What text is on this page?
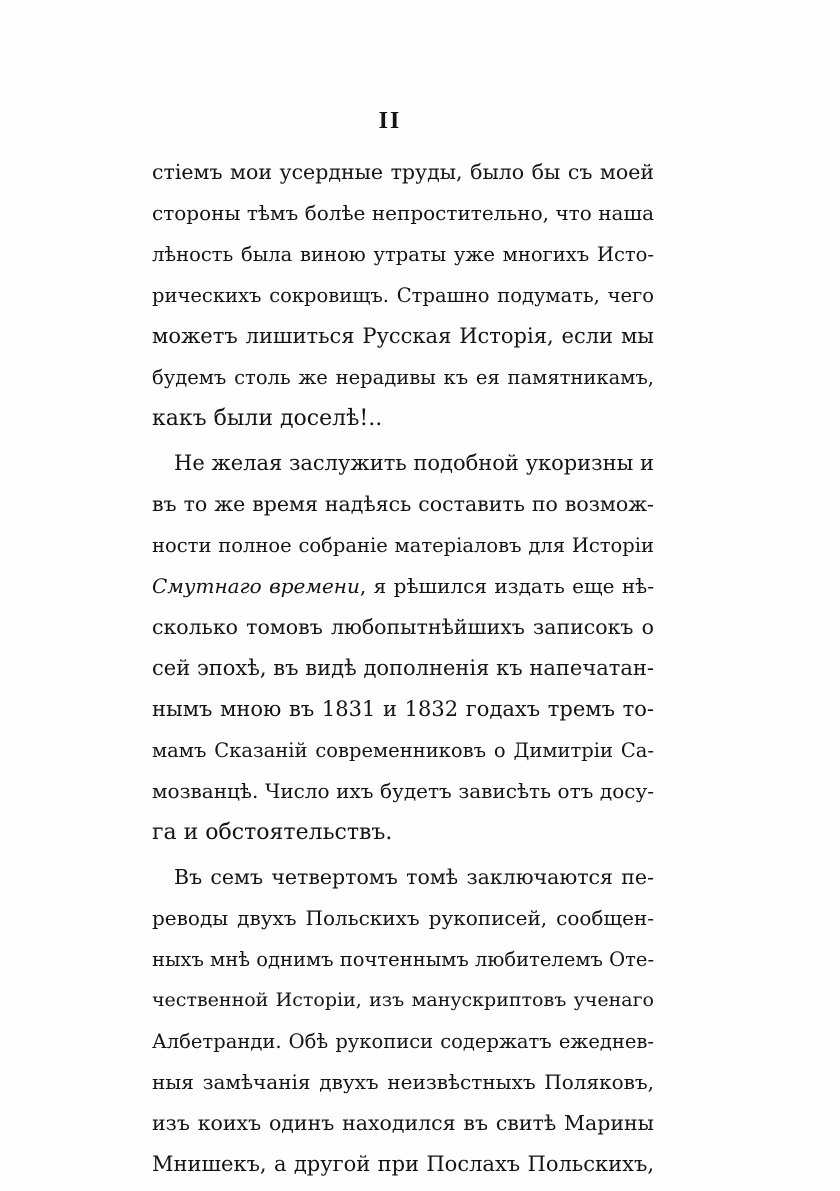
II
стіемъ мои усердные труды, было бы съ моей
стороны тѣмъ болѣе непростительно, что наша
лѣность была виною утраты уже многихъ Исто-
рическихъ сокровищъ. Страшно подумать, чего
можетъ лишиться Русская Исторія, если мы
будемъ столь же нерадивы къ ея памятникамъ,
какъ были доселѣ!..
Не желая заслужить подобной укоризны и
въ то же время надѣясь составить по возмож-
ности полное собраніе матеріаловъ для Исторіи
Смутнаго времени, я рѣшился издать еще нѣ-
сколько томовъ любопытнѣйшихъ записокъ о
сей эпохѣ, въ видѣ дополненія къ напечатан-
нымъ мною въ 1831 и 1832 годахъ тремъ то-
мамъ Сказаній современниковъ о Димитріи Са-
мозванцѣ. Число ихъ будетъ зависѣть отъ досу-
га и обстоятельствъ.
Въ семъ четвертомъ томѣ заключаются пе-
реводы двухъ Польскихъ рукописей, сообщен-
ныхъ мнѣ однимъ почтеннымъ любителемъ Оте-
чественной Исторіи, изъ манускриптовъ ученаго
Албетранди. Обѣ рукописи содержатъ ежеднев-
ныя замѣчанія двухъ неизвѣстныхъ Поляковъ,
изъ коихъ одинъ находился въ свитѣ Марины
Мнишекъ, а другой при Послахъ Польскихъ,
